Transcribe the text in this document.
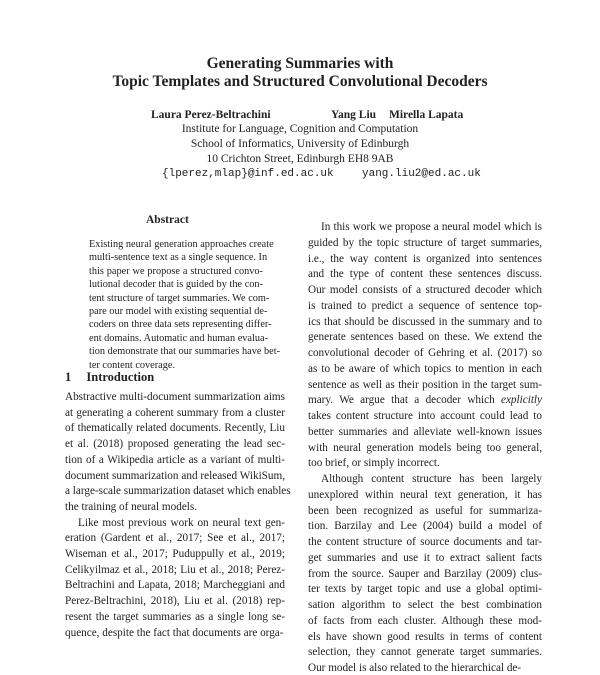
Generating Summaries with
Topic Templates and Structured Convolutional Decoders
Laura Perez-Beltrachini	Yang Liu Mirella Lapata
Institute for Language, Cognition and Computation
School of Informatics, University of Edinburgh
10 Crichton Street, Edinburgh EH8 9AB
{lperez,mlap}@inf.ed.ac.uk	yang.liu2@ed.ac.uk
Abstract
Existing neural generation approaches create
multi-sentence text as a single sequence. In
this paper we propose a structured convo-
lutional decoder that is guided by the con-
tent structure of target summaries. We com-
pare our model with existing sequential de-
coders on three data sets representing differ-
ent domains. Automatic and human evalua-
tion demonstrate that our summaries have bet-
ter content coverage.
1 Introduction
Abstractive multi-document summarization aims
at generating a coherent summary from a cluster
of thematically related documents. Recently, Liu
et al. (2018) proposed generating the lead sec-
tion of a Wikipedia article as a variant of multi-
document summarization and released WikiSum,
a large-scale summarization dataset which enables
the training of neural models.
Like most previous work on neural text gen-
eration (Gardent et al., 2017; See et al., 2017;
Wiseman et al., 2017; Puduppully et al., 2019;
Celikyilmaz et al., 2018; Liu et al., 2018; Perez-
Beltrachini and Lapata, 2018; Marcheggiani and
Perez-Beltrachini, 2018), Liu et al. (2018) rep-
resent the target summaries as a single long se-
quence, despite the fact that documents are orga-
In this work we propose a neural model which is
guided by the topic structure of target summaries,
i.e., the way content is organized into sentences
and the type of content these sentences discuss.
Our model consists of a structured decoder which
is trained to predict a sequence of sentence top-
ics that should be discussed in the summary and to
generate sentences based on these. We extend the
convolutional decoder of Gehring et al. (2017) so
as to be aware of which topics to mention in each
sentence as well as their position in the target sum-
mary. We argue that a decoder which explicitly
takes content structure into account could lead to
better summaries and alleviate well-known issues
with neural generation models being too general,
too brief, or simply incorrect.
Although content structure has been largely
unexplored within neural text generation, it has
been been recognized as useful for summariza-
tion. Barzilay and Lee (2004) build a model of
the content structure of source documents and tar-
get summaries and use it to extract salient facts
from the source. Sauper and Barzilay (2009) clus-
ter texts by target topic and use a global optimi-
sation algorithm to select the best combination
of facts from each cluster. Although these mod-
els have shown good results in terms of content
selection, they cannot generate target summaries.
Our model is also related to the hierarchical de-
